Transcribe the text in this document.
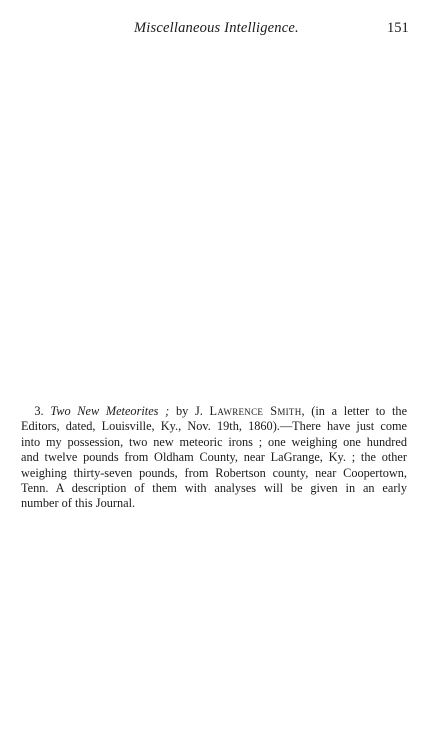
Miscellaneous Intelligence.	151
3. Two New Meteorites ; by J. Lawrence Smith, (in a letter to the
Editors, dated, Louisville, Ky., Nov. 19th, 1860).—There have just come
into my possession, two new meteoric irons ; one weighing one hundred
and twelve pounds from Oldham County, near LaGrange, Ky. ; the other
weighing thirty-seven pounds, from Robertson county, near Coopertown,
Tenn. A description of them with analyses will be given in an early
number of this Journal.
